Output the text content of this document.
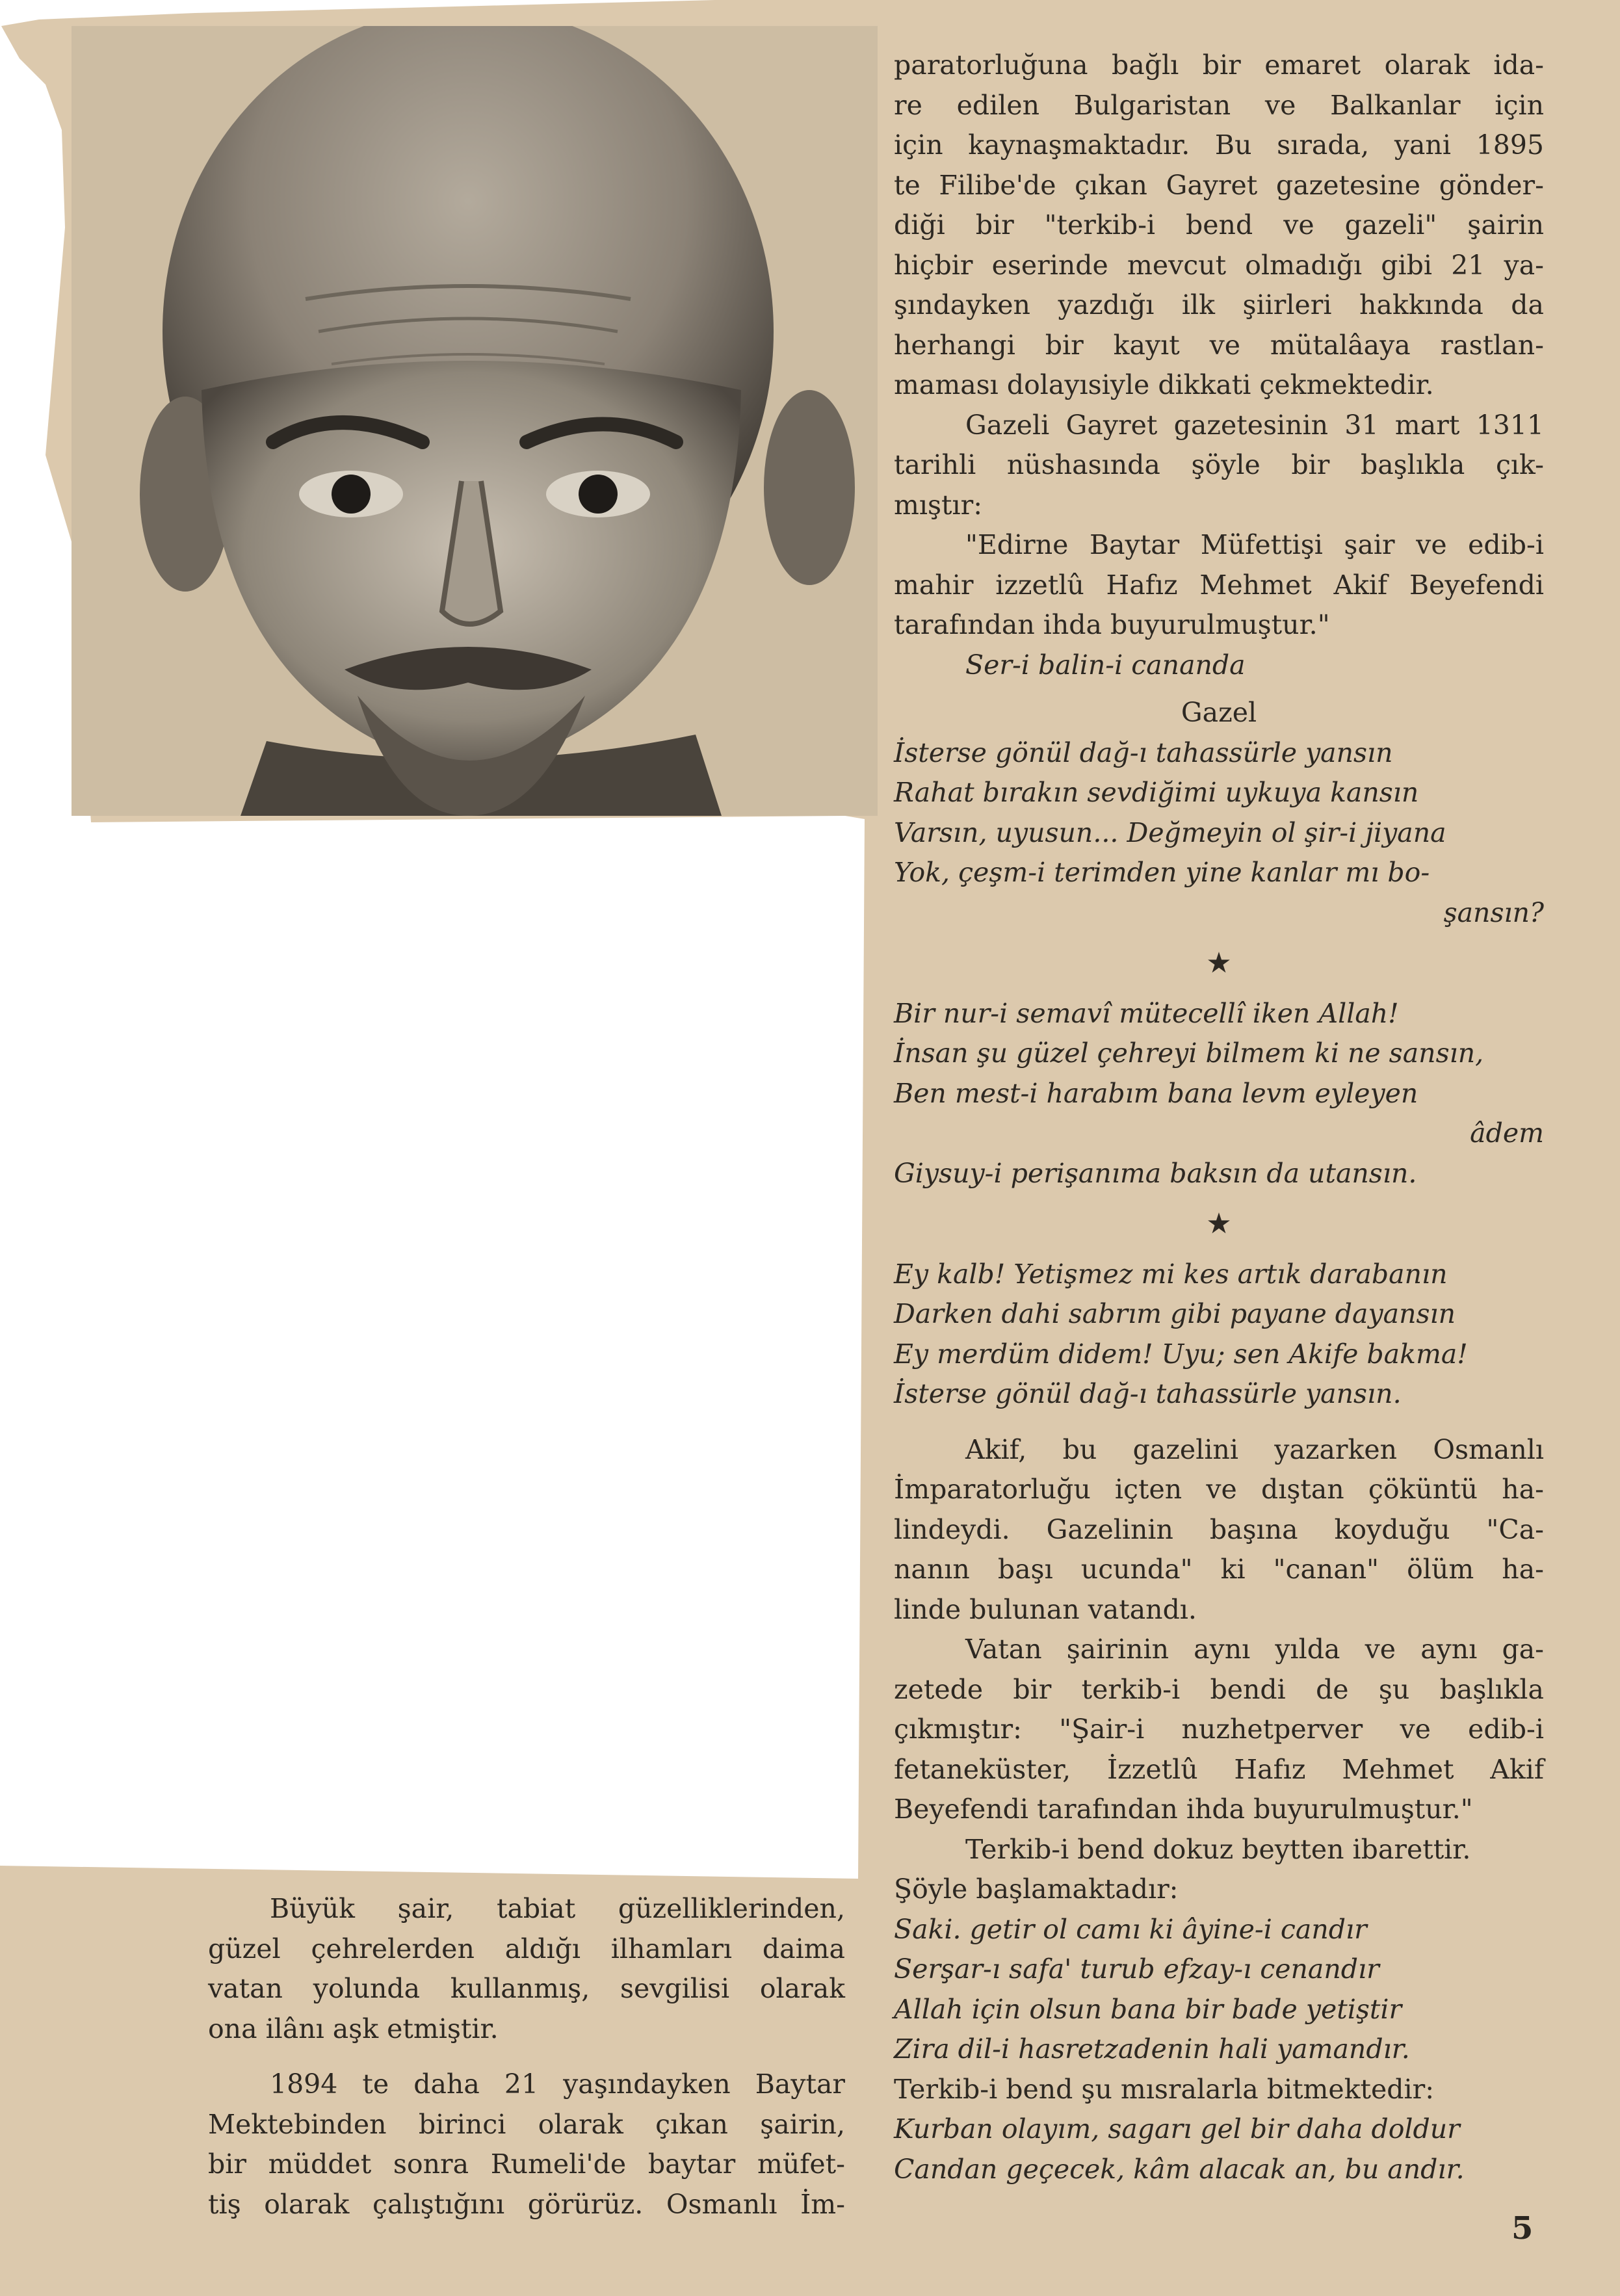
paratorluğuna bağlı bir emaret olarak ida-

re edilen Bulgaristan ve Balkanlar için

için kaynaşmaktadır. Bu sırada, yani 1895

te Filibe'de çıkan Gayret gazetesine gönder-

diği bir "terkib-i bend ve gazeli" şairin

hiçbir eserinde mevcut olmadığı gibi 21 ya-

şındayken yazdığı ilk şiirleri hakkında da

herhangi bir kayıt ve mütalâaya rastlan-

maması dolayısiyle dikkati çekmektedir.

Gazeli Gayret gazetesinin 31 mart 1311

tarihli nüshasında şöyle bir başlıkla çık-

mıştır:

"Edirne Baytar Müfettişi şair ve edib-i

mahir izzetlû Hafız Mehmet Akif Beyefendi

tarafından ihda buyurulmuştur."

Ser-i balin-i cananda

Gazel

İsterse gönül dağ-ı tahassürle yansın

Rahat bırakın sevdiğimi uykuya kansın

Varsın, uyusun... Değmeyin ol şir-i jiyana

Yok, çeşm-i terimden yine kanlar mı bo-

şansın?

★

Bir nur-i semavî mütecellî iken Allah!

İnsan şu güzel çehreyi bilmem ki ne sansın,

Ben mest-i harabım bana levm eyleyen

âdem

Giysuy-i perişanıma baksın da utansın.

★

Ey kalb! Yetişmez mi kes artık darabanın

Darken dahi sabrım gibi payane dayansın

Ey merdüm didem! Uyu; sen Akife bakma!

İsterse gönül dağ-ı tahassürle yansın.

Akif, bu gazelini yazarken Osmanlı

İmparatorluğu içten ve dıştan çöküntü ha-

lindeydi. Gazelinin başına koyduğu "Ca-

nanın başı ucunda" ki "canan" ölüm ha-

linde bulunan vatandı.

Vatan şairinin aynı yılda ve aynı ga-

zetede bir terkib-i bendi de şu başlıkla

çıkmıştır: "Şair-i nuzhetperver ve edib-i

fetaneküster, İzzetlû Hafız Mehmet Akif

Beyefendi tarafından ihda buyurulmuştur."

Terkib-i bend dokuz beytten ibarettir.

Şöyle başlamaktadır:

Saki. getir ol camı ki âyine-i candır

Serşar-ı safa' turub efzay-ı cenandır

Allah için olsun bana bir bade yetiştir

Zira dil-i hasretzadenin hali yamandır.

Terkib-i bend şu mısralarla bitmektedir:

Kurban olayım, sagarı gel bir daha doldur

Candan geçecek, kâm alacak an, bu andır.

Büyük şair, tabiat güzelliklerinden,

güzel çehrelerden aldığı ilhamları daima

vatan yolunda kullanmış, sevgilisi olarak

ona ilânı aşk etmiştir.

1894 te daha 21 yaşındayken Baytar

Mektebinden birinci olarak çıkan şairin,

bir müddet sonra Rumeli'de baytar müfet-

tiş olarak çalıştığını görürüz. Osmanlı İm-

5
